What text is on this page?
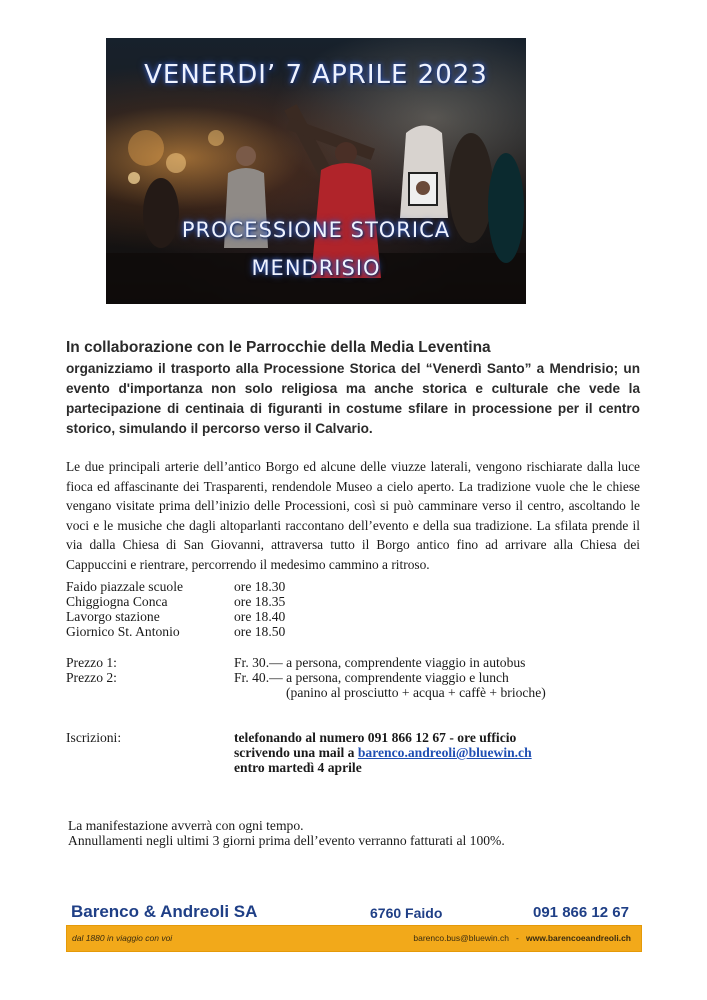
VENERDI’ 7 APRILE 2023
PROCESSIONE STORICA
MENDRISIO
In collaborazione con le Parrocchie della Media Leventina
organizziamo il trasporto alla Processione Storica del “Venerdì Santo” a Mendrisio; un evento d'importanza non solo religiosa ma anche storica e culturale che vede la partecipazione di centinaia di figuranti in costume sfilare in processione per il centro storico, simulando il percorso verso il Calvario.
Le due principali arterie dell’antico Borgo ed alcune delle viuzze laterali, vengono rischiarate dalla luce fioca ed affascinante dei Trasparenti, rendendole Museo a cielo aperto. La tradizione vuole che le chiese vengano visitate prima dell’inizio delle Processioni, così si può camminare verso il centro, ascoltando le voci e le musiche che dagli altoparlanti raccontano dell’evento e della sua tradizione. La sfilata prende il via dalla Chiesa di San Giovanni, attraversa tutto il Borgo antico fino ad arrivare alla Chiesa dei Cappuccini e rientrare, percorrendo il medesimo cammino a ritroso.
Faido piazzale scuole	ore 18.30
Chiggiogna Conca	ore 18.35
Lavorgo stazione	ore 18.40
Giornico St. Antonio	ore 18.50
Prezzo 1:	Fr. 30.— a persona, comprendente viaggio in autobus
Prezzo 2:	Fr. 40.— a persona, comprendente viaggio e lunch
(panino al prosciutto + acqua + caffè + brioche)
Iscrizioni:	telefonando al numero 091 866 12 67 - ore ufficio
scrivendo una mail a barenco.andreoli@bluewin.ch
entro martedì 4 aprile
La manifestazione avverrà con ogni tempo.
Annullamenti negli ultimi 3 giorni prima dell’evento verranno fatturati al 100%.
Barenco & Andreoli SA	6760 Faido	091 866 12 67
dal 1880 in viaggio con voi	barenco.bus@bluewin.ch - www.barencoeandreoli.ch
